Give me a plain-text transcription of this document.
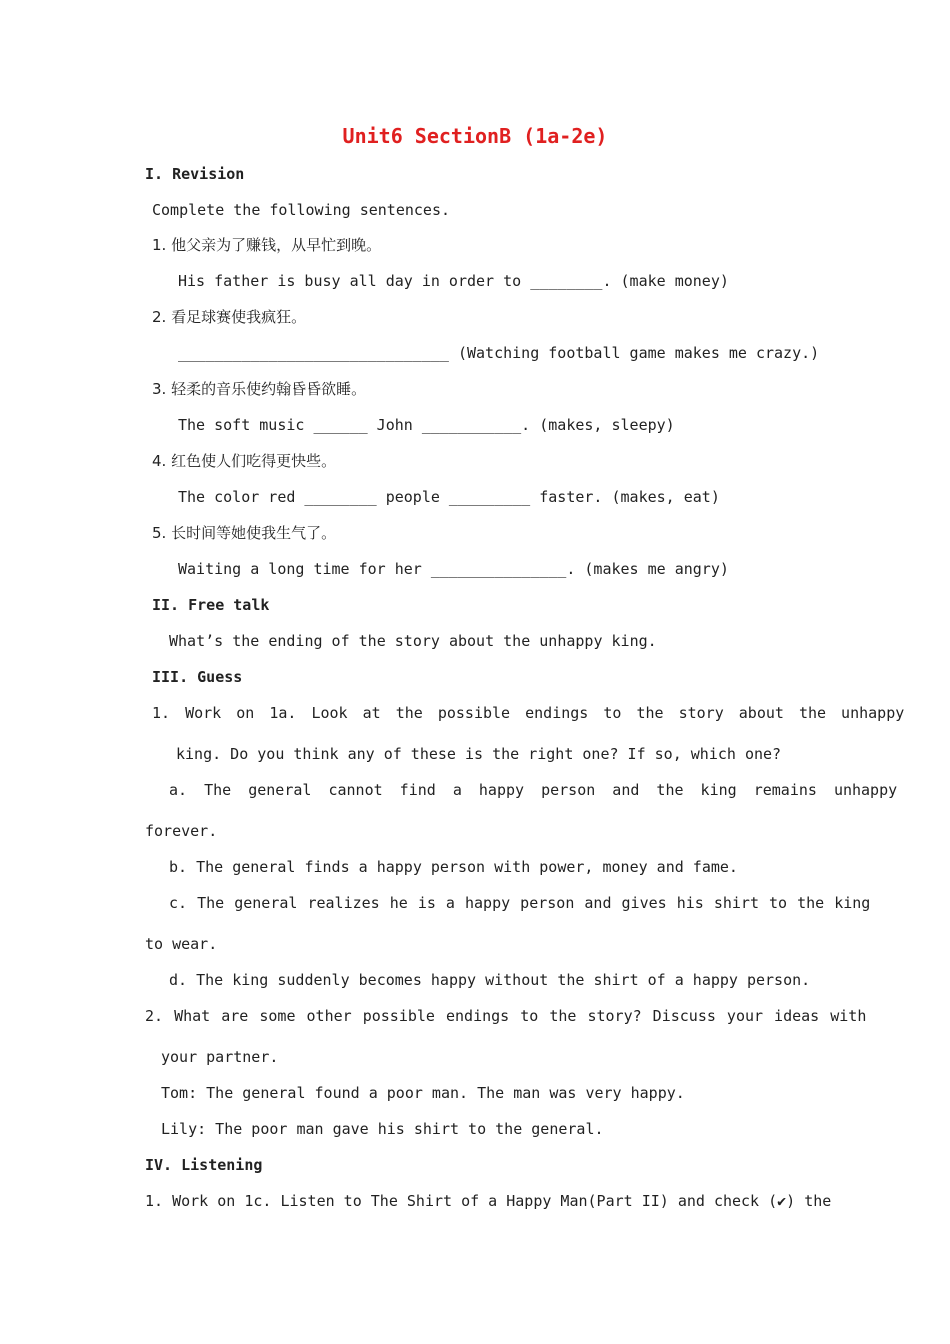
Unit6 SectionB (1a-2e)
I. Revision
Complete the following sentences.
1. 他父亲为了赚钱，从早忙到晚。
His father is busy all day in order to ________. (make money)
2. 看足球赛使我疯狂。
______________________________ (Watching football game makes me crazy.)
3. 轻柔的音乐使约翰昏昏欲睡。
The soft music ______ John ___________. (makes, sleepy)
4. 红色使人们吃得更快些。
The color red ________ people _________ faster. (makes, eat)
5. 长时间等她使我生气了。
Waiting a long time for her _______________. (makes me angry)
II. Free talk
What’s the ending of the story about the unhappy king.
III. Guess
1. Work on 1a. Look at the possible endings to the story about the unhappy
king. Do you think any of these is the right one? If so, which one?
a. The general cannot find a happy person and the king remains unhappy
forever.
b. The general finds a happy person with power, money and fame.
c. The general realizes he is a happy person and gives his shirt to the king
to wear.
d. The king suddenly becomes happy without the shirt of a happy person.
2. What are some other possible endings to the story? Discuss your ideas with
your partner.
Tom: The general found a poor man. The man was very happy.
Lily: The poor man gave his shirt to the general.
IV. Listening
1. Work on 1c. Listen to The Shirt of a Happy Man(Part II) and check (✔) the
